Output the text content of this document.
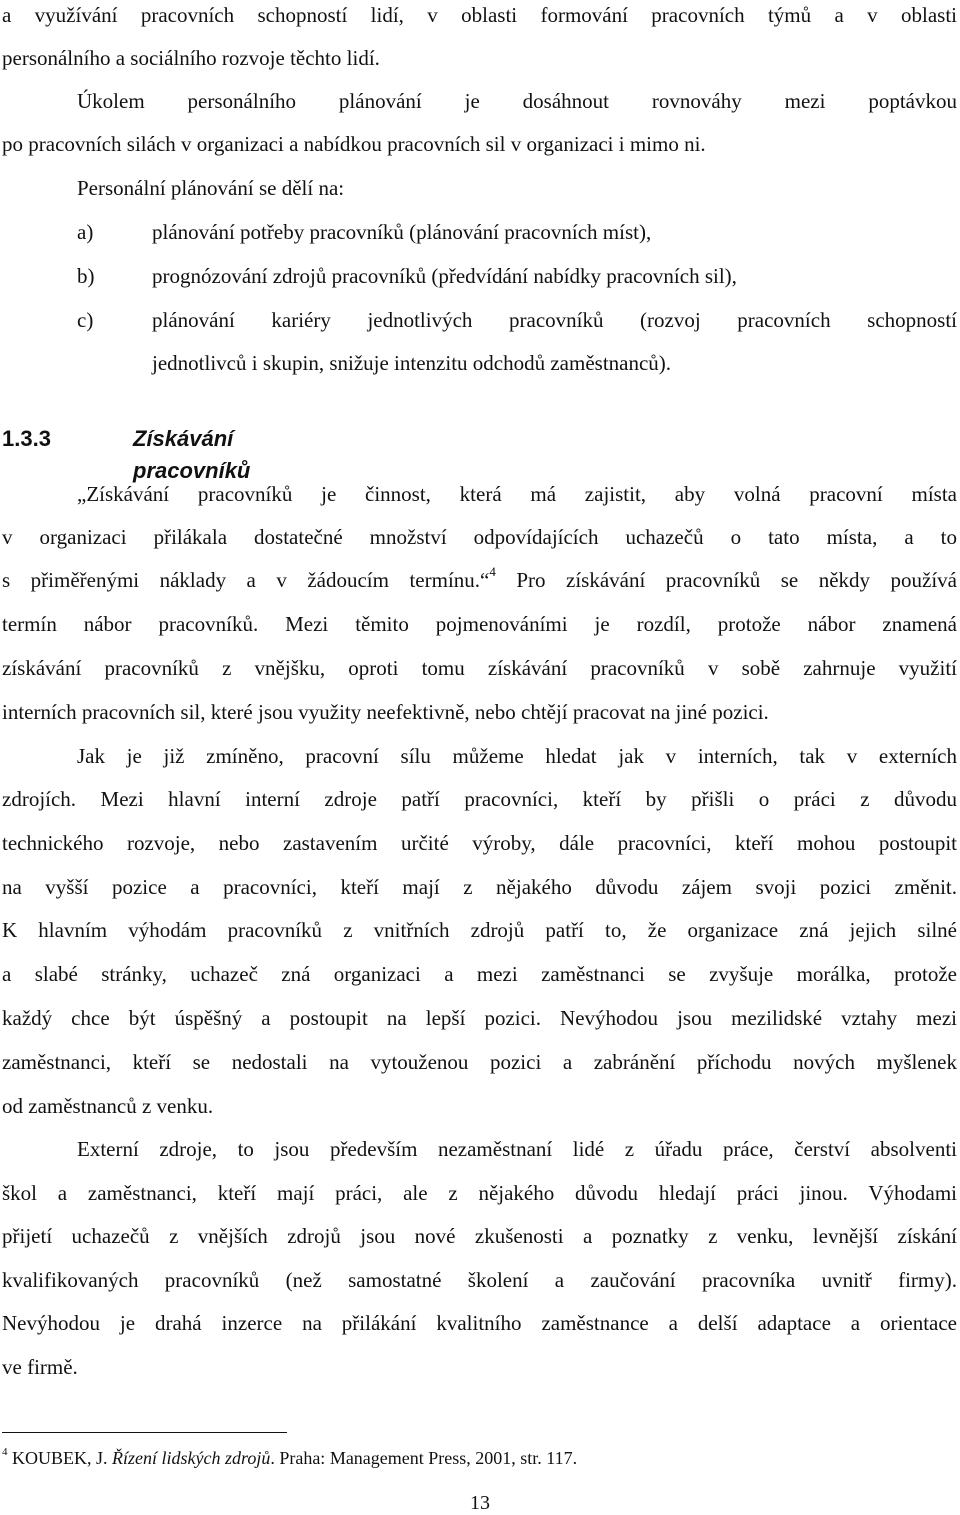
a využívání pracovních schopností lidí, v oblasti formování pracovních týmů a v oblasti
personálního a sociálního rozvoje těchto lidí.
Úkolem personálního plánování je dosáhnout rovnováhy mezi poptávkou
po pracovních silách v organizaci a nabídkou pracovních sil v organizaci i mimo ni.
Personální plánování se dělí na:
a)	plánování potřeby pracovníků (plánování pracovních míst),
b)	prognózování zdrojů pracovníků (předvídání nabídky pracovních sil),
c)	plánování kariéry jednotlivých pracovníků (rozvoj pracovních schopností
jednotlivců i skupin, snižuje intenzitu odchodů zaměstnanců).
1.3.3	Získávání pracovníků
„Získávání pracovníků je činnost, která má zajistit, aby volná pracovní místa
v organizaci přilákala dostatečné množství odpovídajících uchazečů o tato místa, a to
s přiměřenými náklady a v žádoucím termínu.“$^4$ Pro získávání pracovníků se někdy používá
termín nábor pracovníků. Mezi těmito pojmenováními je rozdíl, protože nábor znamená
získávání pracovníků z vnějšku, oproti tomu získávání pracovníků v sobě zahrnuje využití
interních pracovních sil, které jsou využity neefektivně, nebo chtějí pracovat na jiné pozici.
Jak je již zmíněno, pracovní sílu můžeme hledat jak v interních, tak v externích
zdrojích. Mezi hlavní interní zdroje patří pracovníci, kteří by přišli o práci z důvodu
technického rozvoje, nebo zastavením určité výroby, dále pracovníci, kteří mohou postoupit
na vyšší pozice a pracovníci, kteří mají z nějakého důvodu zájem svoji pozici změnit.
K hlavním výhodám pracovníků z vnitřních zdrojů patří to, že organizace zná jejich silné
a slabé stránky, uchazeč zná organizaci a mezi zaměstnanci se zvyšuje morálka, protože
každý chce být úspěšný a postoupit na lepší pozici. Nevýhodou jsou mezilidské vztahy mezi
zaměstnanci, kteří se nedostali na vytouženou pozici a zabránění příchodu nových myšlenek
od zaměstnanců z venku.
Externí zdroje, to jsou především nezaměstnaní lidé z úřadu práce, čerství absolventi
škol a zaměstnanci, kteří mají práci, ale z nějakého důvodu hledají práci jinou. Výhodami
přijetí uchazečů z vnějších zdrojů jsou nové zkušenosti a poznatky z venku, levnější získání
kvalifikovaných pracovníků (než samostatné školení a zaučování pracovníka uvnitř firmy).
Nevýhodou je drahá inzerce na přilákání kvalitního zaměstnance a delší adaptace a orientace
ve firmě.
$^4$ KOUBEK, J. Řízení lidských zdrojů. Praha: Management Press, 2001, str. 117.
13
